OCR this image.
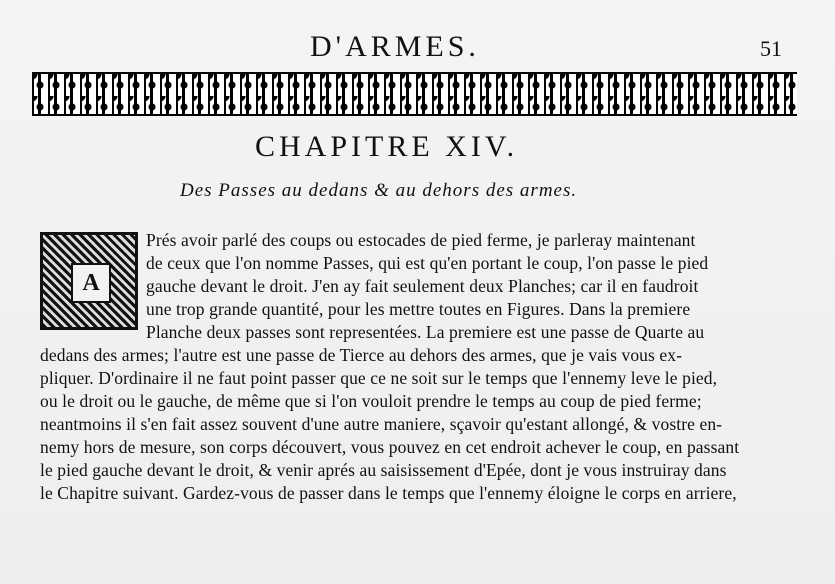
D'ARMES.	51
CHAPITRE XIV.
Des Passes au dedans & au dehors des armes.
A
Prés avoir parlé des coups ou estocades de pied ferme, je parleray maintenant
de ceux que l'on nomme Passes, qui est qu'en portant le coup, l'on passe le pied
gauche devant le droit. J'en ay fait seulement deux Planches; car il en faudroit
une trop grande quantité, pour les mettre toutes en Figures. Dans la premiere
Planche deux passes sont representées. La premiere est une passe de Quarte au
dedans des armes; l'autre est une passe de Tierce au dehors des armes, que je vais vous ex-
pliquer. D'ordinaire il ne faut point passer que ce ne soit sur le temps que l'ennemy leve le pied,
ou le droit ou le gauche, de même que si l'on vouloit prendre le temps au coup de pied ferme;
neantmoins il s'en fait assez souvent d'une autre maniere, sçavoir qu'estant allongé, & vostre en-
nemy hors de mesure, son corps découvert, vous pouvez en cet endroit achever le coup, en passant
le pied gauche devant le droit, & venir aprés au saisissement d'Epée, dont je vous instruiray dans
le Chapitre suivant. Gardez-vous de passer dans le temps que l'ennemy éloigne le corps en arriere,
